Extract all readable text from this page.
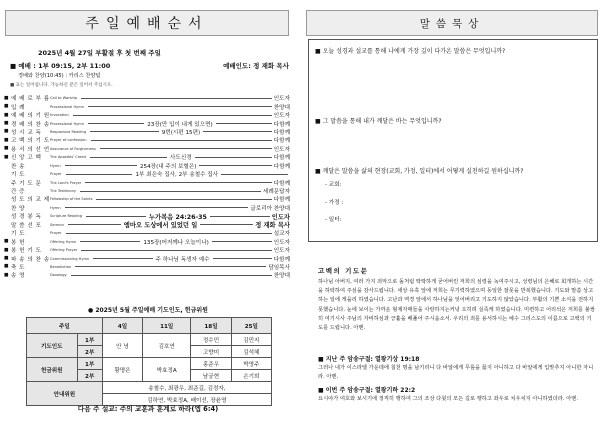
주일예배순서
2025년 4월 27일 부활절 후 첫 번째 주일
■ 예배 : 1부 09:15, 2부 11:00	예배인도: 정 재화 목사
경배와 찬양(10:45) : 카리스 찬양팀
■ 표는 일어섭니다. 가능하신 분은 일어서 주십시오.
■ 예 배 로 부 름 Call to Worship	인도자
■ 입 례	Processional Hymn	찬양대
■ 예 배 의 기 원 Invocation	인도자
■ 경 배 의 찬 송 Processional Hymn	23장(만 입이 내게 있으면)	다함께
■ 성 시 교 독	Responsive Reading	9번(시편 15편)	다함께
■ 고 백 의 기 도 Prayer of confession	다함께
■ 용 서 의 선 언 Assurance of Forgiveness	인도자
■ 신 앙 고 백	The Apostles' Creed	사도신경	다함께
찬 송	Hymn	254장(내 주의 보혈은)	다함께
기 도	Prayer	1부 최은숙 집사, 2부 송철수 집사
주 기 도 문	The Lord's Prayer	다함께
간 증	The Testimony	세례문답자
성 도 의 교 제 Fellowship of the Saints	다함께
찬 양	Hymn	글로리아 찬양대
성 경 봉 독	Scripture Reading	누가복음 24:26-35	인도자
말 씀 선 포	Sermon	엠마오 도상에서 있었던 일	정 재화 목사
기 도	Prayer	설교자
■ 봉 헌	Offering Hymn	135장(어저께나 오늘이나)	인도자
■ 봉 헌 기 도	Offering Prayer	인도자
■ 파 송 의 찬 송 Commissioning Hymn	주 하나님 독생자 예수	다함께
■ 축 도	Benediction	담임목사
■ 송 영	Doxology	찬양대
● 2025년 5월 주일예배 기도인도, 헌금위원
주일		4일	11일	18일	25일
기도인도	1부	안 녕	김호연	정수민	김민지
	2부			고향미	김석혜
헌금위원	1부	황명은	박효정A	홍준우	박영주
	2부			남궁현	손기희
안내위원		송철수, 최광우, 최준길, 김정자,			
		김하연, 박효정A, 배이선, 장윤영			
다음 주 설교: 주의 교훈과 훈계로 하라(엡 6:4)
말씀묵상
■ 오늘 성경과 설교를 통해 나에게 가장 깊이 다가온 말씀은 무엇입니까?
■ 그 말씀을 통해 내가 깨달은 바는 무엇입니까?
■ 깨달은 말씀을 삶의 현장(교회, 가정, 일터)에서 어떻게 실천하길 원하십니까?
- 교회:
- 가정 :
- 일터:
고백의 기도문
하나님 아버지, 여러 가지 죄악으로 돌처럼 딱딱하게 굳어버린 저희의 심령을 녹여주시고, 성령님의 은혜로 회개하는 시간을 허락하여 주심을 감사드립니다. 세상 유혹 앞에 저희는 무기력하였으며 동일한 잘못을 반복했습니다. 기도와 말씀 상고하는 일에 게을리 하였습니다. 고난과 역경 앞에서 하나님을 잊어버리고 기도하지 않았습니다. 부활의 기쁜 소식을 전하지 못했습니다. 눈에 보이는 가까운 형제자매들을 사랑하지는커녕 오히려 실족케 하였습니다. 미련하고 어리석은 저희를 불쌍히 여기시사 주님의 자비하심과 긍휼을 베풀어 주시옵소서. 우리의 죄를 용서하시는 예수 그리스도의 이름으로 고백의 기도를 드립니다. 아멘.
■ 지난 주 암송구절: 열왕기상 19:18
그러나 내가 이스라엘 가운데에 칠천 명을 남기리니 다 바알에게 무릎을 꿇지 아니하고 다 바알에게 입맞추지 아니한 자니라. 아멘.
■ 이번 주 암송구절: 열왕기하 22:2
요시야가 여호와 보시기에 정직히 행하여 그의 조상 다윗의 모든 길로 행하고 좌우로 치우치지 아니하였더라. 아멘.
